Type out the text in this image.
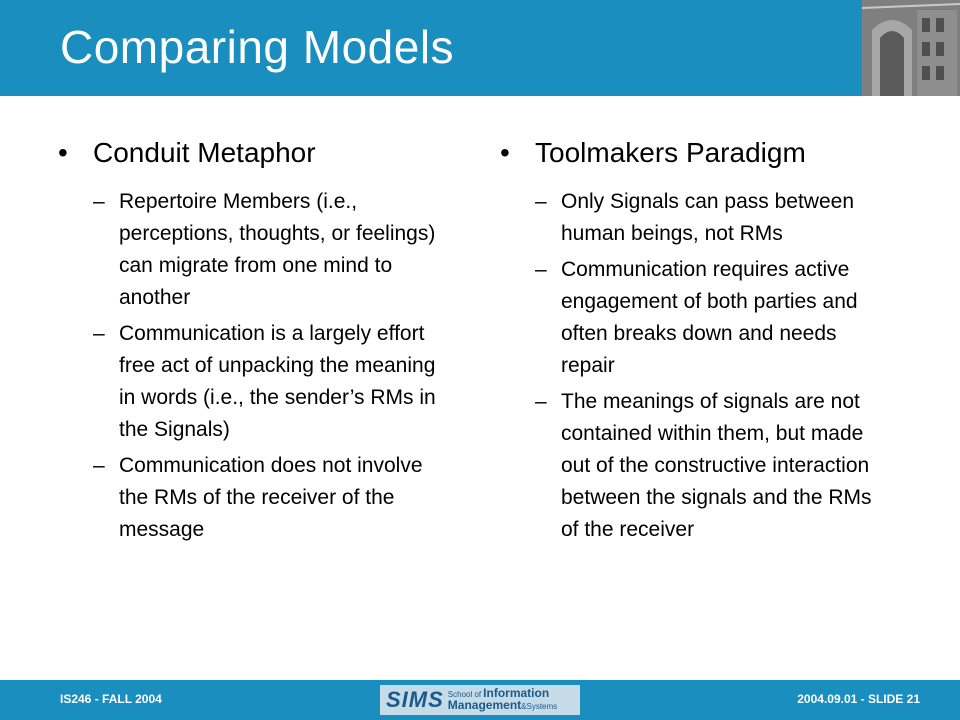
Comparing Models
• Conduit Metaphor
– Repertoire Members (i.e., perceptions, thoughts, or feelings) can migrate from one mind to another
– Communication is a largely effort free act of unpacking the meaning in words (i.e., the sender’s RMs in the Signals)
– Communication does not involve the RMs of the receiver of the message
• Toolmakers Paradigm
– Only Signals can pass between human beings, not RMs
– Communication requires active engagement of both parties and often breaks down and needs repair
– The meanings of signals are not contained within them, but made out of the constructive interaction between the signals and the RMs of the receiver
IS246 - FALL 2004	SIMS School of Information
Management &Systems
2004.09.01 - SLIDE 21
